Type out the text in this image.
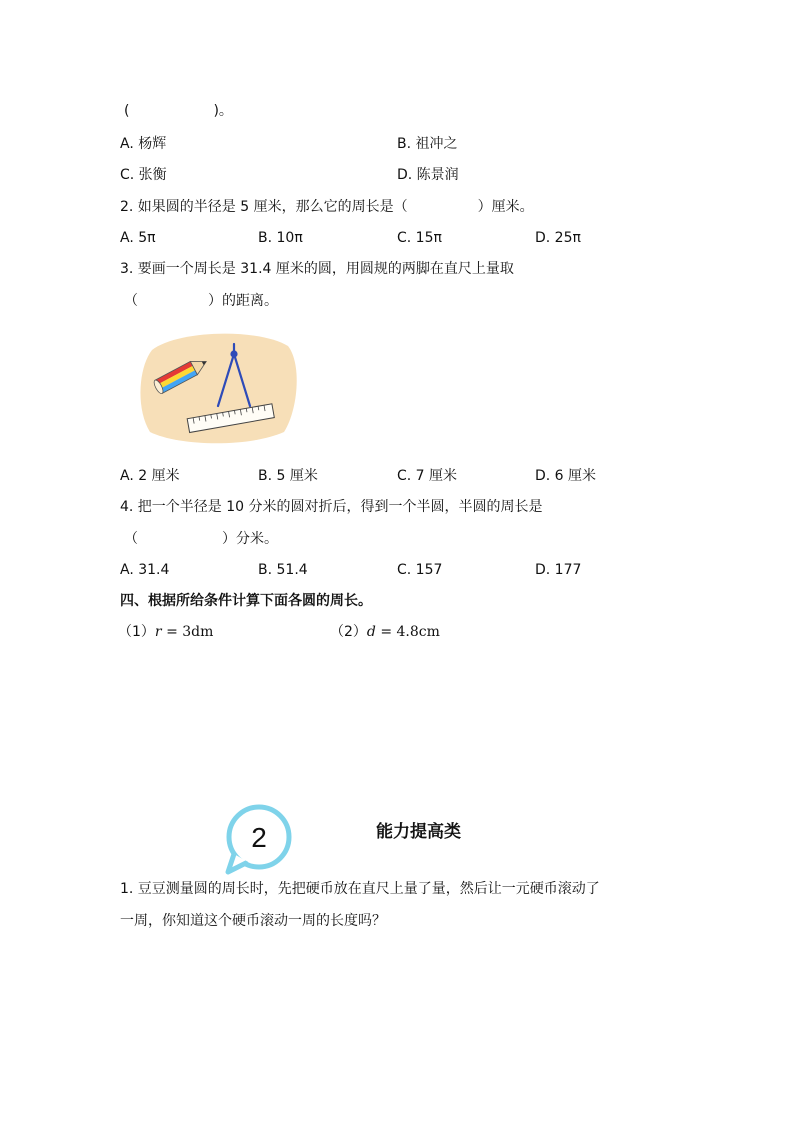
(　　　　　　)。
A. 杨辉	B. 祖冲之
C. 张衡	D. 陈景润
2. 如果圆的半径是 5 厘米，那么它的周长是（　　　　　）厘米。
A. 5π	B. 10π	C. 15π	D. 25π
3. 要画一个周长是 31.4 厘米的圆，用圆规的两脚在直尺上量取
（　　　　　）的距离。
A. 2 厘米	B. 5 厘米	C. 7 厘米	D. 6 厘米
4. 把一个半径是 10 分米的圆对折后，得到一个半圆，半圆的周长是
（　　　　　　）分米。
A. 31.4	B. 51.4	C. 157	D. 177
四、根据所给条件计算下面各圆的周长。
（1）r = 3dm	（2）d = 4.8cm
2	能力提高类
1. 豆豆测量圆的周长时，先把硬币放在直尺上量了量，然后让一元硬币滚动了
一周，你知道这个硬币滚动一周的长度吗？
